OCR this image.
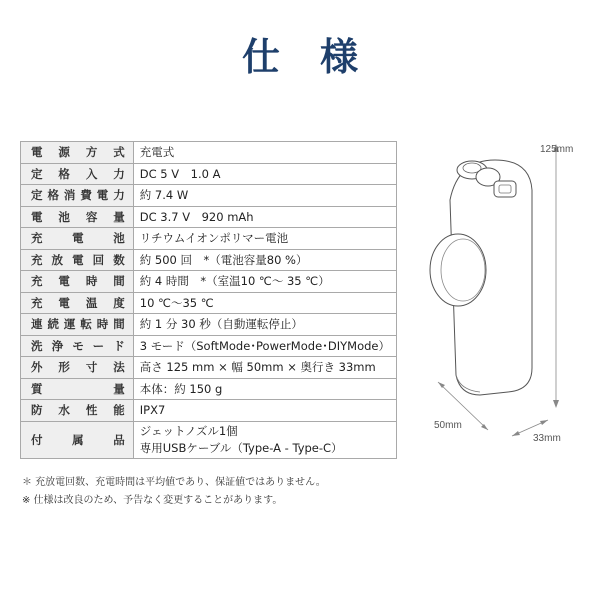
仕様
電源方式	充電式
定格入力	DC 5 V　1.0 A
定格消費電力	約 7.4 W
電池容量	DC 3.7 V　920 mAh
充電池	リチウムイオンポリマー電池
充放電回数	約 500 回　*（電池容量80 %）
充電時間	約 4 時間　*（室温10 ℃～ 35 ℃）
充電温度	10 ℃～35 ℃
連続運転時間	約 1 分 30 秒（自動運転停止）
洗浄モード	3 モード（SoftMode･PowerMode･DIYMode）
外形寸法	高さ 125 mm × 幅 50mm × 奥行き 33mm
質量	本体：約 150 g
防水性能	IPX7
付属品	ジェットノズル1個
専用USBケーブル（Type-A - Type-C）
＊ 充放電回数、充電時間は平均値であり、保証値ではありません。
※ 仕様は改良のため、予告なく変更することがあります。
125mm
50mm
33mm
